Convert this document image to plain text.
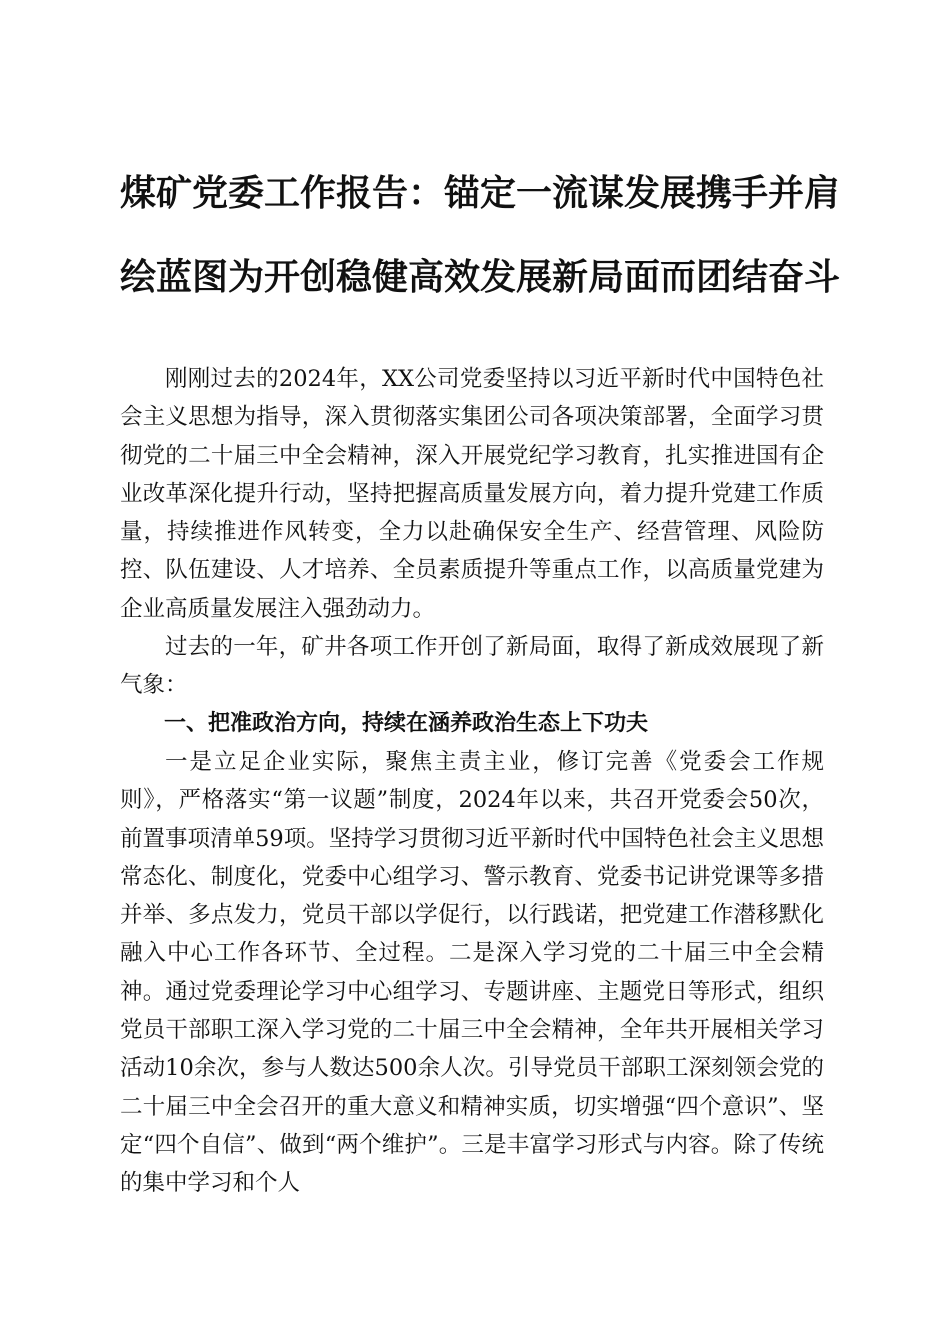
煤矿党委工作报告：锚定一流谋发展携手并肩
绘蓝图为开创稳健高效发展新局面而团结奋斗

刚刚过去的2024年，XX公司党委坚持以习近平新时代中国特色社会主义思想为指导，深入贯彻落实集团公司各项决策部署，全面学习贯彻党的二十届三中全会精神，深入开展党纪学习教育，扎实推进国有企业改革深化提升行动，坚持把握高质量发展方向，着力提升党建工作质量，持续推进作风转变，全力以赴确保安全生产、经营管理、风险防控、队伍建设、人才培养、全员素质提升等重点工作，以高质量党建为企业高质量发展注入强劲动力。

过去的一年，矿井各项工作开创了新局面，取得了新成效展现了新气象：

一、把准政治方向，持续在涵养政治生态上下功夫

一是立足企业实际，聚焦主责主业，修订完善《党委会工作规则》，严格落实“第一议题”制度，2024年以来，共召开党委会50次，前置事项清单59项。坚持学习贯彻习近平新时代中国特色社会主义思想常态化、制度化，党委中心组学习、警示教育、党委书记讲党课等多措并举、多点发力，党员干部以学促行，以行践诺，把党建工作潜移默化融入中心工作各环节、全过程。二是深入学习党的二十届三中全会精神。通过党委理论学习中心组学习、专题讲座、主题党日等形式，组织党员干部职工深入学习党的二十届三中全会精神，全年共开展相关学习活动10余次，参与人数达500余人次。引导党员干部职工深刻领会党的二十届三中全会召开的重大意义和精神实质，切实增强“四个意识”、坚定“四个自信”、做到“两个维护”。三是丰富学习形式与内容。除了传统的集中学习和个人
